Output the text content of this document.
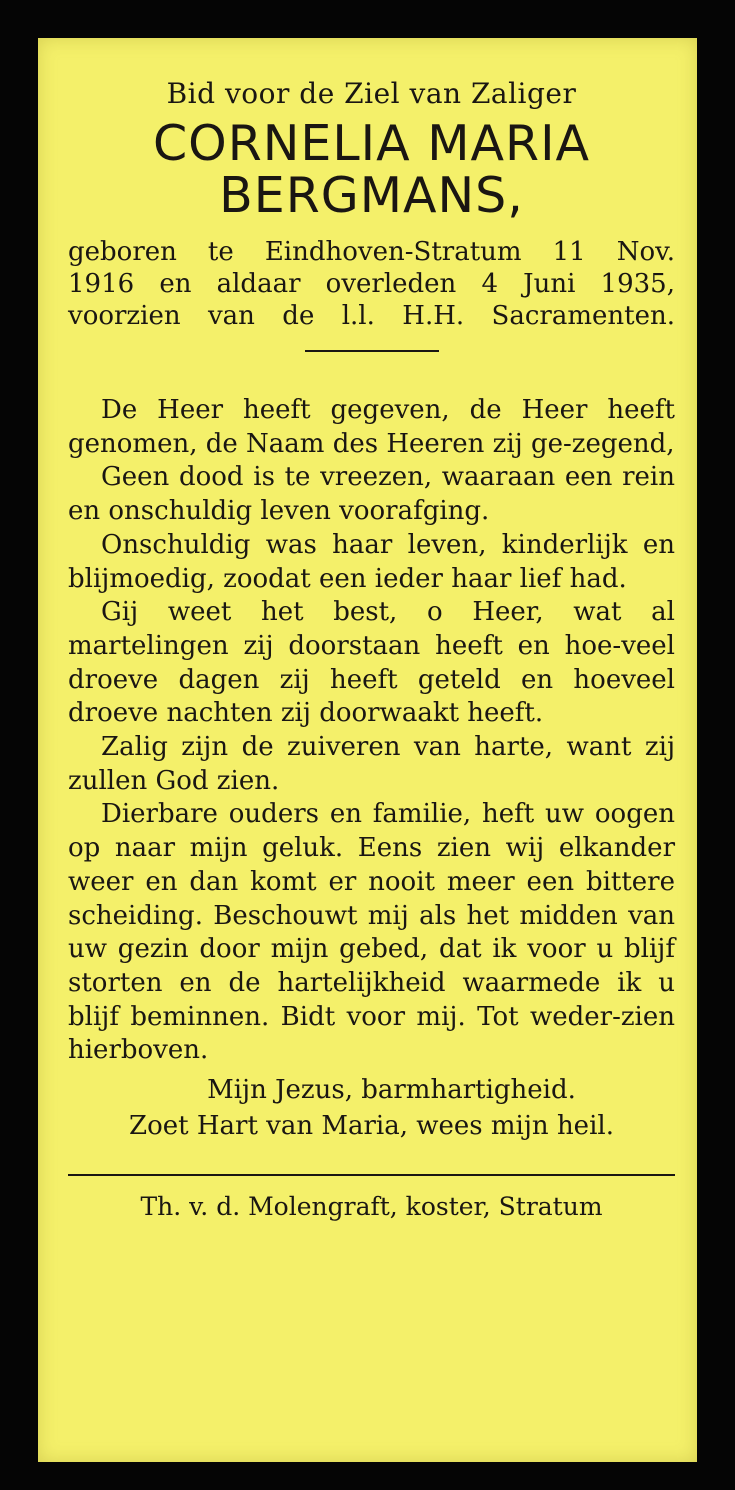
Bid voor de Ziel van Zaliger
CORNELIA MARIA
BERGMANS,
geboren te Eindhoven-Stratum 11 Nov.
1916 en aldaar overleden 4 Juni 1935,
voorzien van de l.l. H.H. Sacramenten.

De Heer heeft gegeven, de Heer heeft genomen, de Naam des Heeren zij ge-zegend,

Geen dood is te vreezen, waaraan een rein en onschuldig leven voorafging.

Onschuldig was haar leven, kinderlijk en blijmoedig, zoodat een ieder haar lief had.

Gij weet het best, o Heer, wat al martelingen zij doorstaan heeft en hoe-veel droeve dagen zij heeft geteld en hoeveel droeve nachten zij doorwaakt heeft.

Zalig zijn de zuiveren van harte, want zij zullen God zien.

Dierbare ouders en familie, heft uw oogen op naar mijn geluk. Eens zien wij elkander weer en dan komt er nooit meer een bittere scheiding. Beschouwt mij als het midden van uw gezin door mijn gebed, dat ik voor u blijf storten en de hartelijkheid waarmede ik u blijf beminnen. Bidt voor mij. Tot weder-zien hierboven.

Mijn Jezus, barmhartigheid.
Zoet Hart van Maria, wees mijn heil.
Th. v. d. Molengraft, koster, Stratum
